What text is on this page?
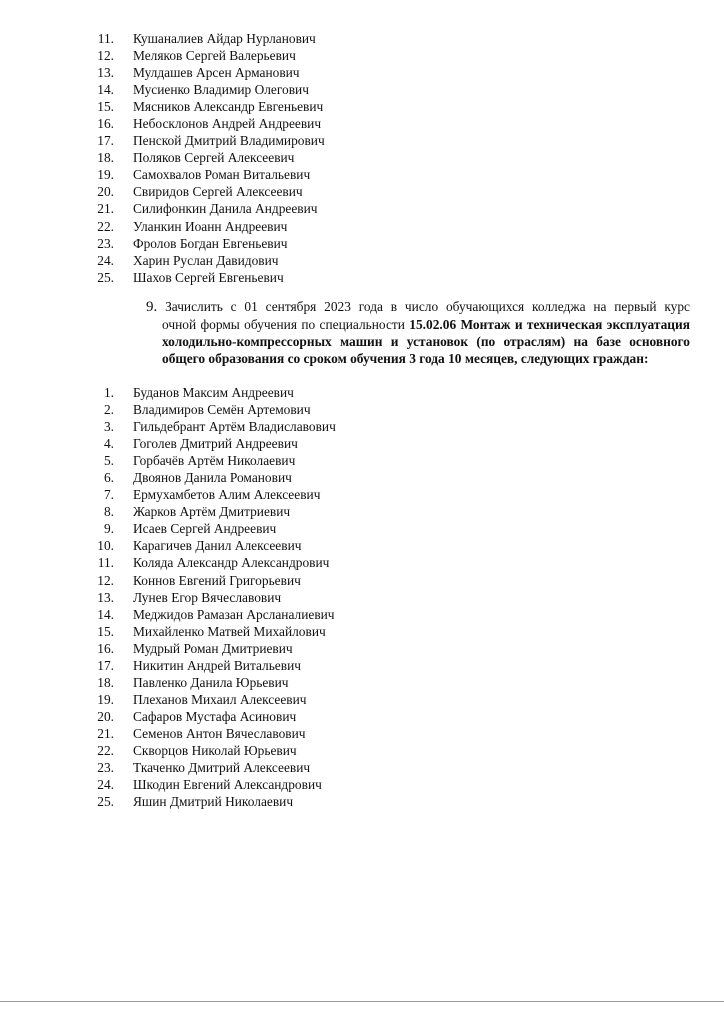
11. Кушаналиев Айдар Нурланович
12. Меляков Сергей Валерьевич
13. Мулдашев Арсен Арманович
14. Мусиенко Владимир Олегович
15. Мясников Александр Евгеньевич
16. Небосклонов Андрей Андреевич
17. Пенской Дмитрий Владимирович
18. Поляков Сергей Алексеевич
19. Самохвалов Роман Витальевич
20. Свиридов Сергей Алексеевич
21. Силифонкин Данила Андреевич
22. Уланкин Иоанн Андреевич
23. Фролов Богдан Евгеньевич
24. Харин Руслан Давидович
25. Шахов Сергей Евгеньевич
9. Зачислить с 01 сентября 2023 года в число обучающихся колледжа на первый курс
очной формы обучения по специальности 15.02.06 Монтаж и техническая эксплуатация холодильно-компрессорных машин и установок (по отраслям) на базе основного общего образования со сроком обучения 3 года 10 месяцев, следующих граждан:
1. Буданов Максим Андреевич
2. Владимиров Семён Артемович
3. Гильдебрант Артём Владиславович
4. Гоголев Дмитрий Андреевич
5. Горбачёв Артём Николаевич
6. Двоянов Данила Романович
7. Ермухамбетов Алим Алексеевич
8. Жарков Артём Дмитриевич
9. Исаев Сергей Андреевич
10. Карагичев Данил Алексеевич
11. Коляда Александр Александрович
12. Коннов Евгений Григорьевич
13. Лунев Егор Вячеславович
14. Меджидов Рамазан Арсланалиевич
15. Михайленко Матвей Михайлович
16. Мудрый Роман Дмитриевич
17. Никитин Андрей Витальевич
18. Павленко Данила Юрьевич
19. Плеханов Михаил Алексеевич
20. Сафаров Мустафа Асинович
21. Семенов Антон Вячеславович
22. Скворцов Николай Юрьевич
23. Ткаченко Дмитрий Алексеевич
24. Шкодин Евгений Александрович
25. Яшин Дмитрий Николаевич
